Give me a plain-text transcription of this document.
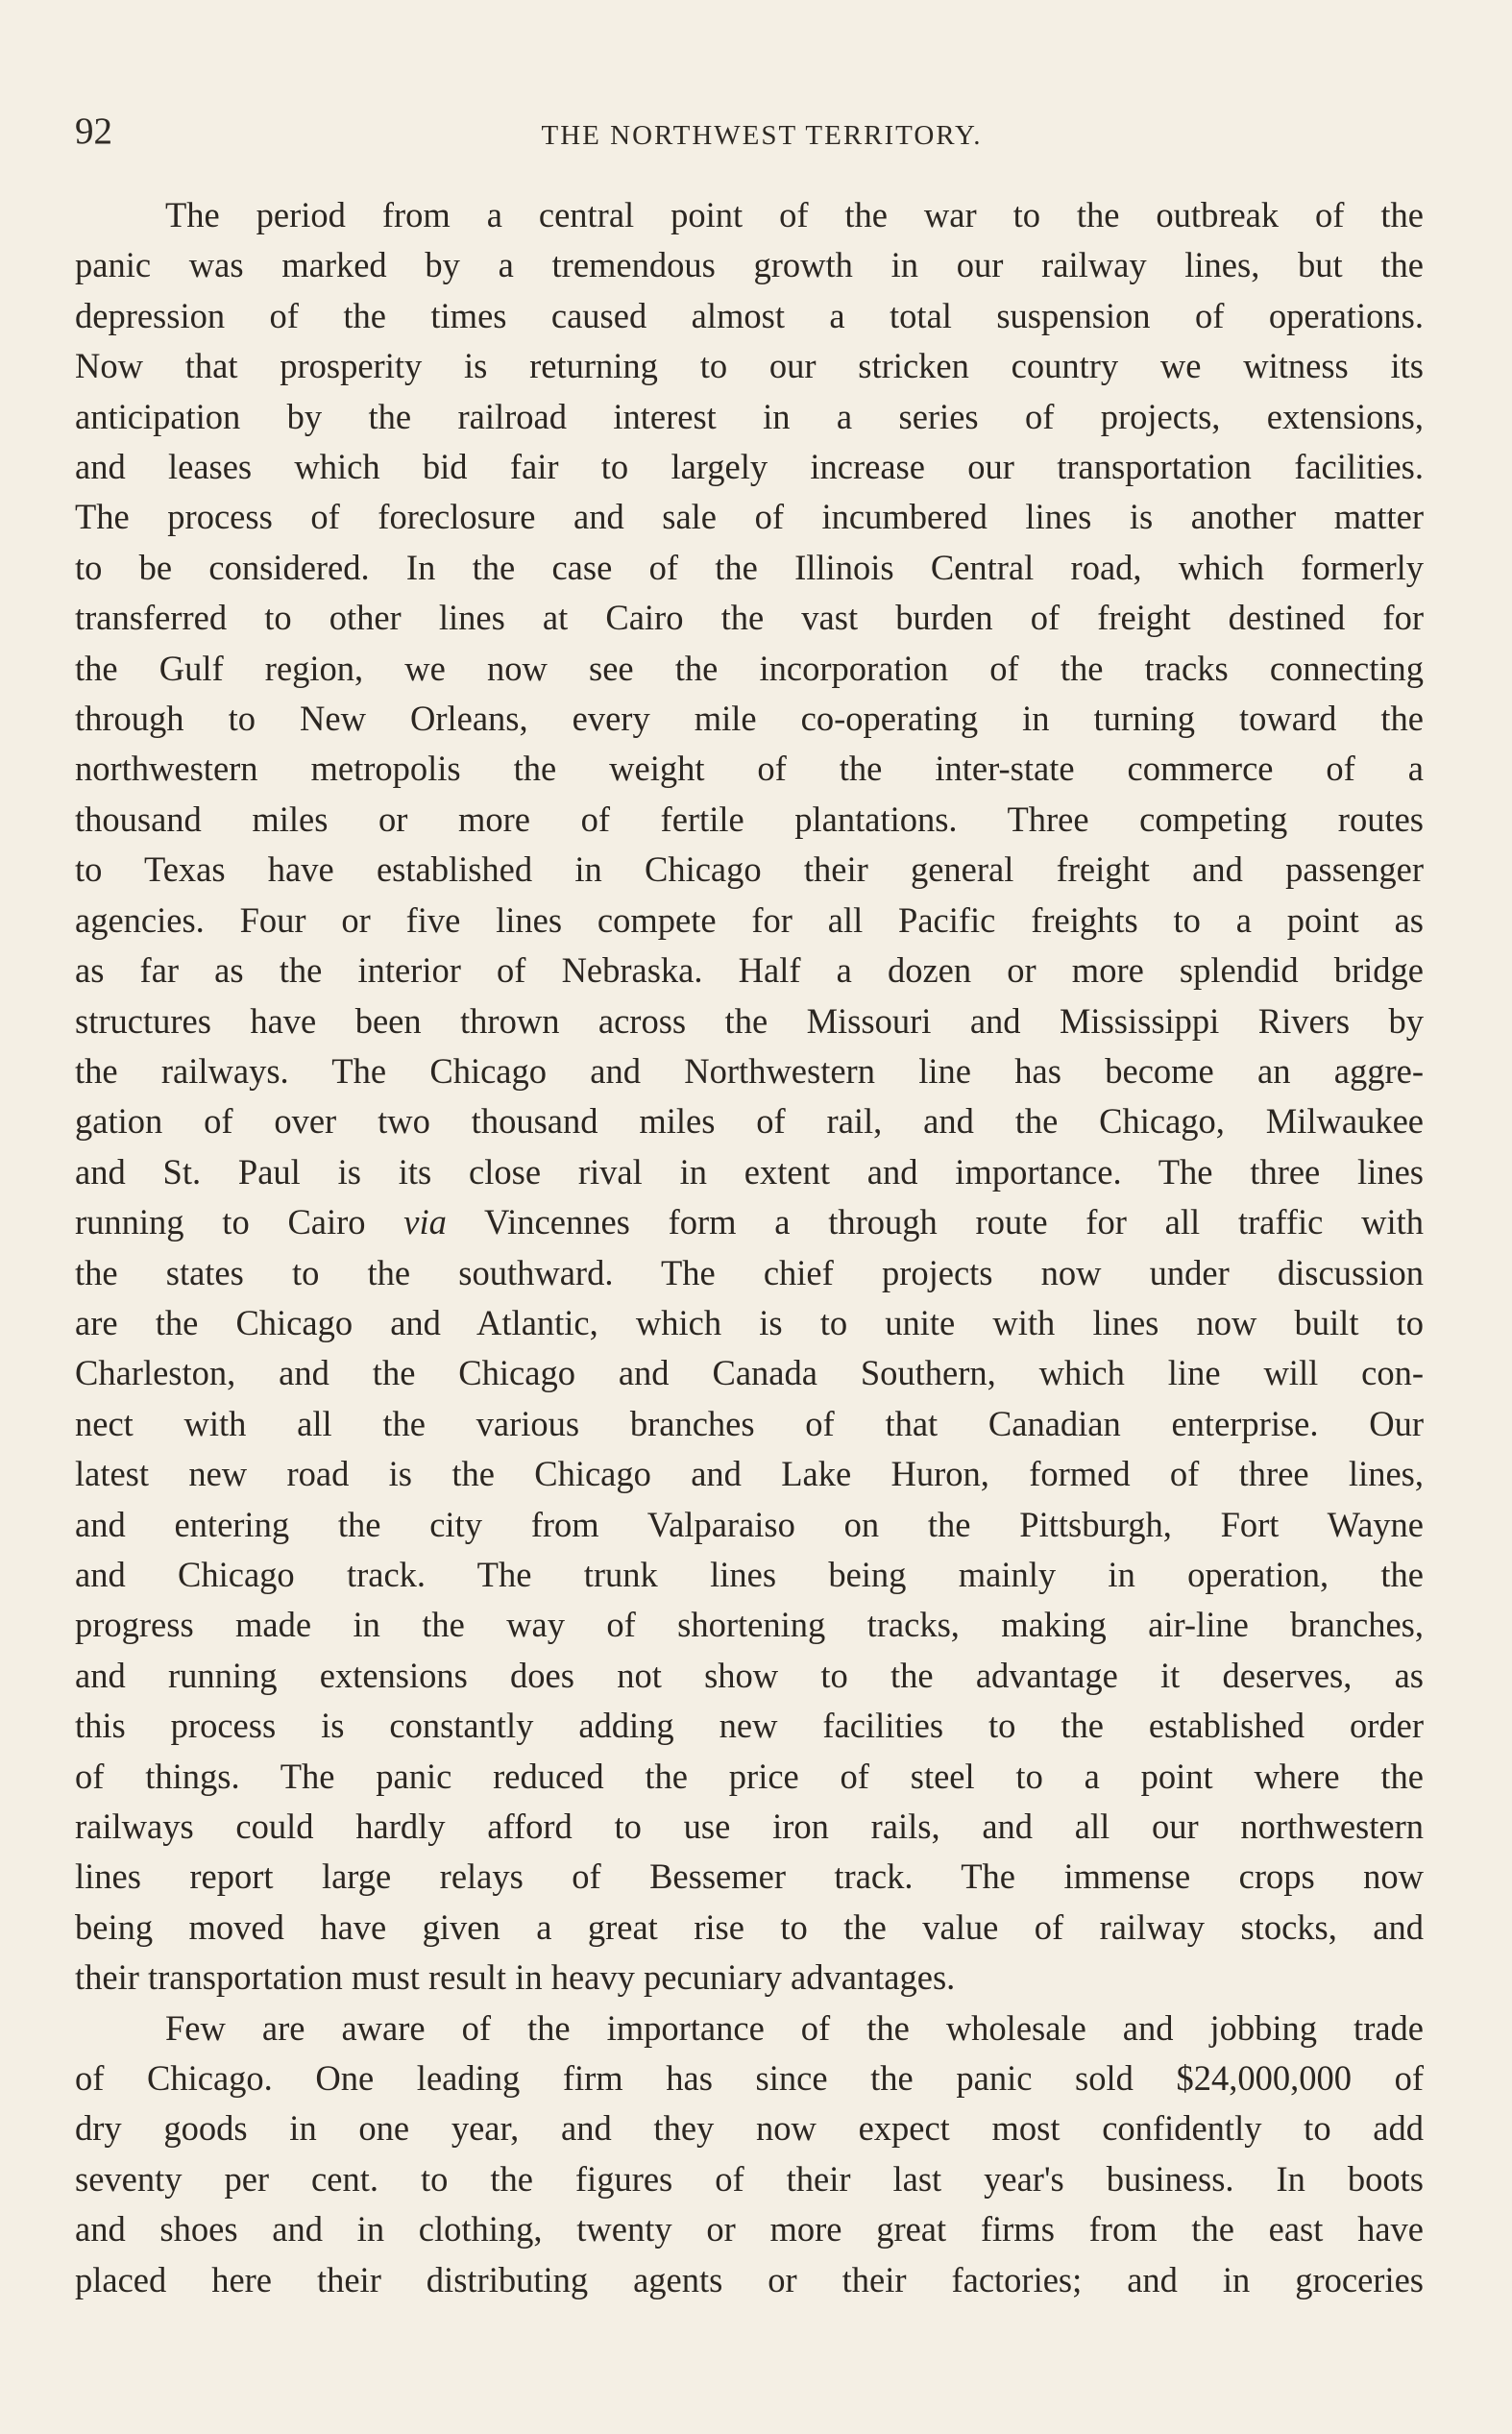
92	THE NORTHWEST TERRITORY.

The period from a central point of the war to the outbreak of the
panic was marked by a tremendous growth in our railway lines, but the
depression of the times caused almost a total suspension of operations.
Now that prosperity is returning to our stricken country we witness its
anticipation by the railroad interest in a series of projects, extensions,
and leases which bid fair to largely increase our transportation facilities.
The process of foreclosure and sale of incumbered lines is another matter
to be considered. In the case of the Illinois Central road, which formerly
transferred to other lines at Cairo the vast burden of freight destined for
the Gulf region, we now see the incorporation of the tracks connecting
through to New Orleans, every mile co-operating in turning toward the
northwestern metropolis the weight of the inter-state commerce of a
thousand miles or more of fertile plantations. Three competing routes
to Texas have established in Chicago their general freight and passenger
agencies. Four or five lines compete for all Pacific freights to a point as
as far as the interior of Nebraska. Half a dozen or more splendid bridge
structures have been thrown across the Missouri and Mississippi Rivers by
the railways. The Chicago and Northwestern line has become an aggre-
gation of over two thousand miles of rail, and the Chicago, Milwaukee
and St. Paul is its close rival in extent and importance. The three lines
running to Cairo via Vincennes form a through route for all traffic with
the states to the southward. The chief projects now under discussion
are the Chicago and Atlantic, which is to unite with lines now built to
Charleston, and the Chicago and Canada Southern, which line will con-
nect with all the various branches of that Canadian enterprise. Our
latest new road is the Chicago and Lake Huron, formed of three lines,
and entering the city from Valparaiso on the Pittsburgh, Fort Wayne
and Chicago track. The trunk lines being mainly in operation, the
progress made in the way of shortening tracks, making air-line branches,
and running extensions does not show to the advantage it deserves, as
this process is constantly adding new facilities to the established order
of things. The panic reduced the price of steel to a point where the
railways could hardly afford to use iron rails, and all our northwestern
lines report large relays of Bessemer track. The immense crops now
being moved have given a great rise to the value of railway stocks, and
their transportation must result in heavy pecuniary advantages.

Few are aware of the importance of the wholesale and jobbing trade
of Chicago. One leading firm has since the panic sold $24,000,000 of
dry goods in one year, and they now expect most confidently to add
seventy per cent. to the figures of their last year's business. In boots
and shoes and in clothing, twenty or more great firms from the east have
placed here their distributing agents or their factories; and in groceries
